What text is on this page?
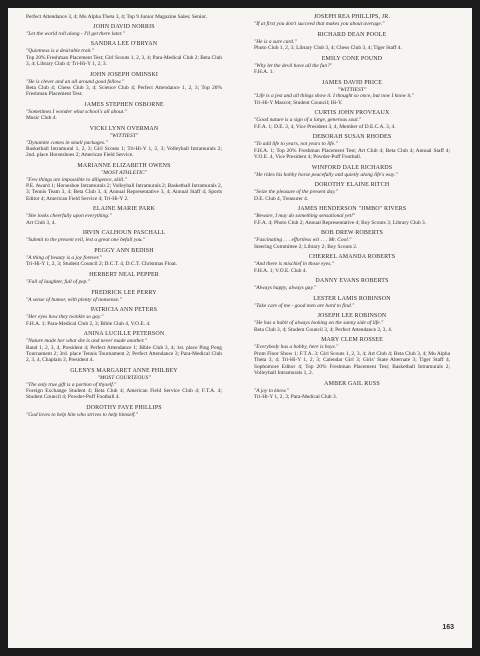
Perfect Attendance 3, 4; Mu Alpha Theta 3, 4; Top 9 Junior Magazine Sales; Senior.
JOHN DAVID NORRIS
"Let the world roll along - I'll get there later."
SANDRA LEE O'BRYAN
"Quietness is a desirable trait."
Top 20% Freshman Placement Test; Girl Scouts 1, 2, 3, 4; Para-Medical Club 2; Beta Club 3, 4; Library Club 4; Tri-Hi-Y 1, 2, 3.
JOHN JOSEPH OMINSKI
"He is clever and an all around good fellow."
Beta Club 4; Chess Club 3, 4; Science Club 4; Perfect Attendance 1, 2, 3; Top 20% Freshman Placement Test.
JAMES STEPHEN OSBORNE
"Sometimes I wonder what school's all about."
Music Club 4.
VICKI LYNN OVERMAN
"WITTIEST"
"Dynamite comes in small packages."
Basketball Intramural 1, 2, 3; Girl Scouts 1; Tri-Hi-Y 1, 2, 3; Volleyball Intramurals 2; 2nd. place Horseshoes 2; American Field Service.
MARIANNE ELIZABETH OWENS
"MOST ATHLETIC"
"Few things are impossible to diligence, skill."
P.E. Award 1; Horseshoe Intramurals 2; Volleyball Intramurals 2; Basketball Intramurals 2, 3; Tennis Team 3, 4; Beta Club 3, 4; Annual Representative 3, 4; Annual Staff 4; Sports Editor 4; American Field Service 4; Tri-Hi-Y 2.
ELAINE MARIE PARK
"She looks cheerfully upon everything."
Art Club 3, 4.
IRVIN CALHOUN PASCHALL
"Submit to the present evil, lest a great one befall you."
PEGGY ANN BEDISH
"A thing of beauty is a joy forever."
Tri-Hi-Y 1, 2, 3; Student Council 2; D.C.T. 4, D.C.T. Christmas Float.
HERBERT NEAL PEPPER
"Full of laughter, full of pep."
FREDRICK LEE PERRY
"A sense of humor, with plenty of nonsense."
PATRICIA ANN PETERS
"Her eyes how they twinkle so gay."
F.H.A. 1; Para-Medical Club 2, 3; Bible Club 4, V.O.E. 4.
ANINA LUCILLE PETERSON
"Nature made her what she is and never made another."
Band 1, 2, 3, 4, President 4; Perfect Attendance 1; Bible Club 3, 4; 1st. place Ping Pong Tournament 2; 3rd. place Tennis Tournament 2; Perfect Attendance 3; Para-Medical Club 2, 3, 4, Chaplain 3, President 4.
GLENYS MARGARET ANNE PHILBEY
"MOST COURTEOUS"
"The only true gift is a portion of thyself."
Foreign Exchange Student 4; Beta Club 4; American Field Service Club 4; F.T.A. 4; Student Council 4; Powder-Puff Football 4.
DOROTHY FAYE PHILLIPS
"God loves to help him who strives to help himself."
JOSEPH REA PHILLIPS, JR.
"If at first you don't succeed that makes you about average."
RICHARD DEAN POOLE
"He is a sure card."
Photo Club 1, 2, 3; Library Club 3, 4; Chess Club 3, 4; Tiger Staff 4.
EMILY CONE POUND
"Why let the devil have all the fun?"
F.H.A. 1.
JAMES DAVID PRICE
"WITTIEST"
"Life is a jest and all things show it. I thought so once, but now I know it."
Tri-Hi-Y Mascot; Student Council; Hi-Y.
CURTIS JOHN PROVEAUX
"Good nature is a sign of a large, generous soul."
F.F.A. 1; D.E. 3, 4, Vice President 3, 4, Member of D.E.C.A. 3, 4.
DEBORAH SUSAN RHODES
"To add life to years, not years to life."
F.H.A. 1; Top 20% Freshman Placement Test; Art Club 4; Beta Club 4; Annual Staff 4; V.O.E. 4, Vice President 4; Powder-Puff Football.
WINFORD DALE RICHARDS
"He rides his hobby horse peacefully and quietly along life's way."
DOROTHY ELAINE RITCH
"Seize the pleasure of the present day."
D.E. Club 4, Treasurer 4.
JAMES HENDERSON "JIMBO" RIVERS
"Beware, I may do something sensational yet!"
F.F.A. 4; Photo Club 2; Annual Representative 4; Boy Scouts 3; Library Club 3.
BOB DREW ROBERTS
"Fascinating . . . effortless wit . . . Mr. Cool."
Steering Committee 2; Library 2; Boy Scouts 2.
CHERREL AMANDA ROBERTS
"And there is mischief in those eyes."
F.H.A. 1; V.O.E. Club 4.
DANNY EVANS ROBERTS
"Always happy, always gay."
LESTER LAMIS ROBINSON
"Take care of me - good men are hard to find."
JOSEPH LEE ROBINSON
"He has a habit of always looking on the sunny side of life."
Beta Club 3, 4; Student Council 3, 4; Perfect Attendance 2, 3, 4.
MARY CLEM ROSSEE
"Everybody has a hobby, here is boys."
Prom Floor Show 1; F.T.A. 3; Girl Scouts 1, 2, 3, 4; Art Club 4; Beta Club 3, 4; Mu Alpha Theta 3, 4; Tri-Hi-Y 1, 2, 3; Calendar Girl 3; Girls' State Alternate 3; Tiger Staff 4, Sophomore Editor 4; Top 20% Freshman Placement Test; Basketball Intramurals 2; Volleyball Intramurals 1, 2.
AMBER GAIL RUSS
"A joy to know."
Tri-Hi-Y 1, 2, 3; Para-Medical Club 3.
163
